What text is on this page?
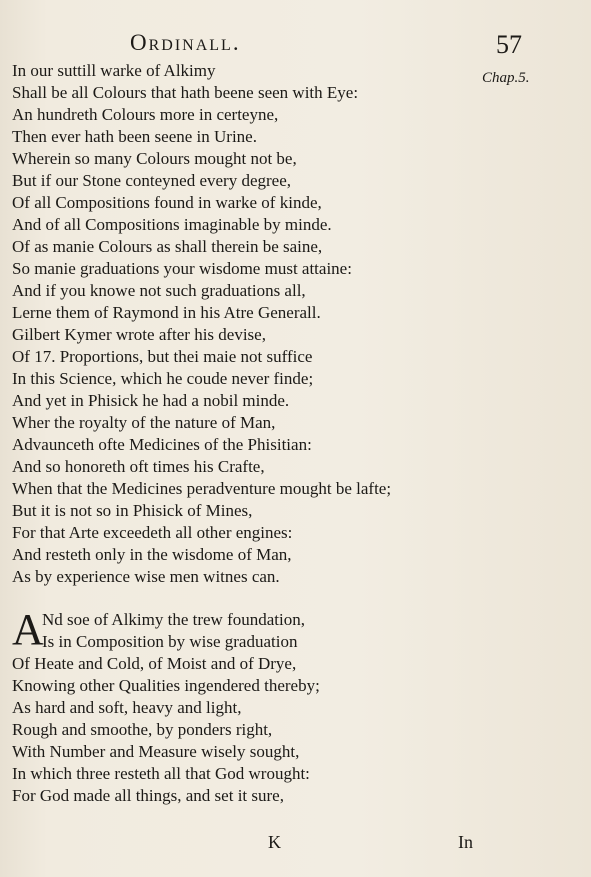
Ordinall.	57
Chap.5.
In our suttill warke of Alkimy
Shall be all Colours that hath beene seen with Eye:
An hundreth Colours more in certeyne,
Then ever hath been seene in Urine.
Wherein so many Colours mought not be,
But if our Stone conteyned every degree,
Of all Compositions found in warke of kinde,
And of all Compositions imaginable by minde.
Of as manie Colours as shall therein be saine,
So manie graduations your wisdome must attaine:
And if you knowe not such graduations all,
Lerne them of Raymond in his Atre Generall.
Gilbert Kymer wrote after his devise,
Of 17. Proportions, but thei maie not suffice
In this Science, which he coude never finde;
And yet in Phisick he had a nobil minde.
Wher the royalty of the nature of Man,
Advaunceth ofte Medicines of the Phisitian:
And so honoreth oft times his Crafte,
When that the Medicines peradventure mought be lafte;
But it is not so in Phisick of Mines,
For that Arte exceedeth all other engines:
And resteth only in the wisdome of Man,
As by experience wise men witnes can.
A
Nd soe of Alkimy the trew foundation,
Is in Composition by wise graduation
Of Heate and Cold, of Moist and of Drye,
Knowing other Qualities ingendered thereby;
As hard and soft, heavy and light,
Rough and smoothe, by ponders right,
With Number and Measure wisely sought,
In which three resteth all that God wrought:
For God made all things, and set it sure,
K	In
